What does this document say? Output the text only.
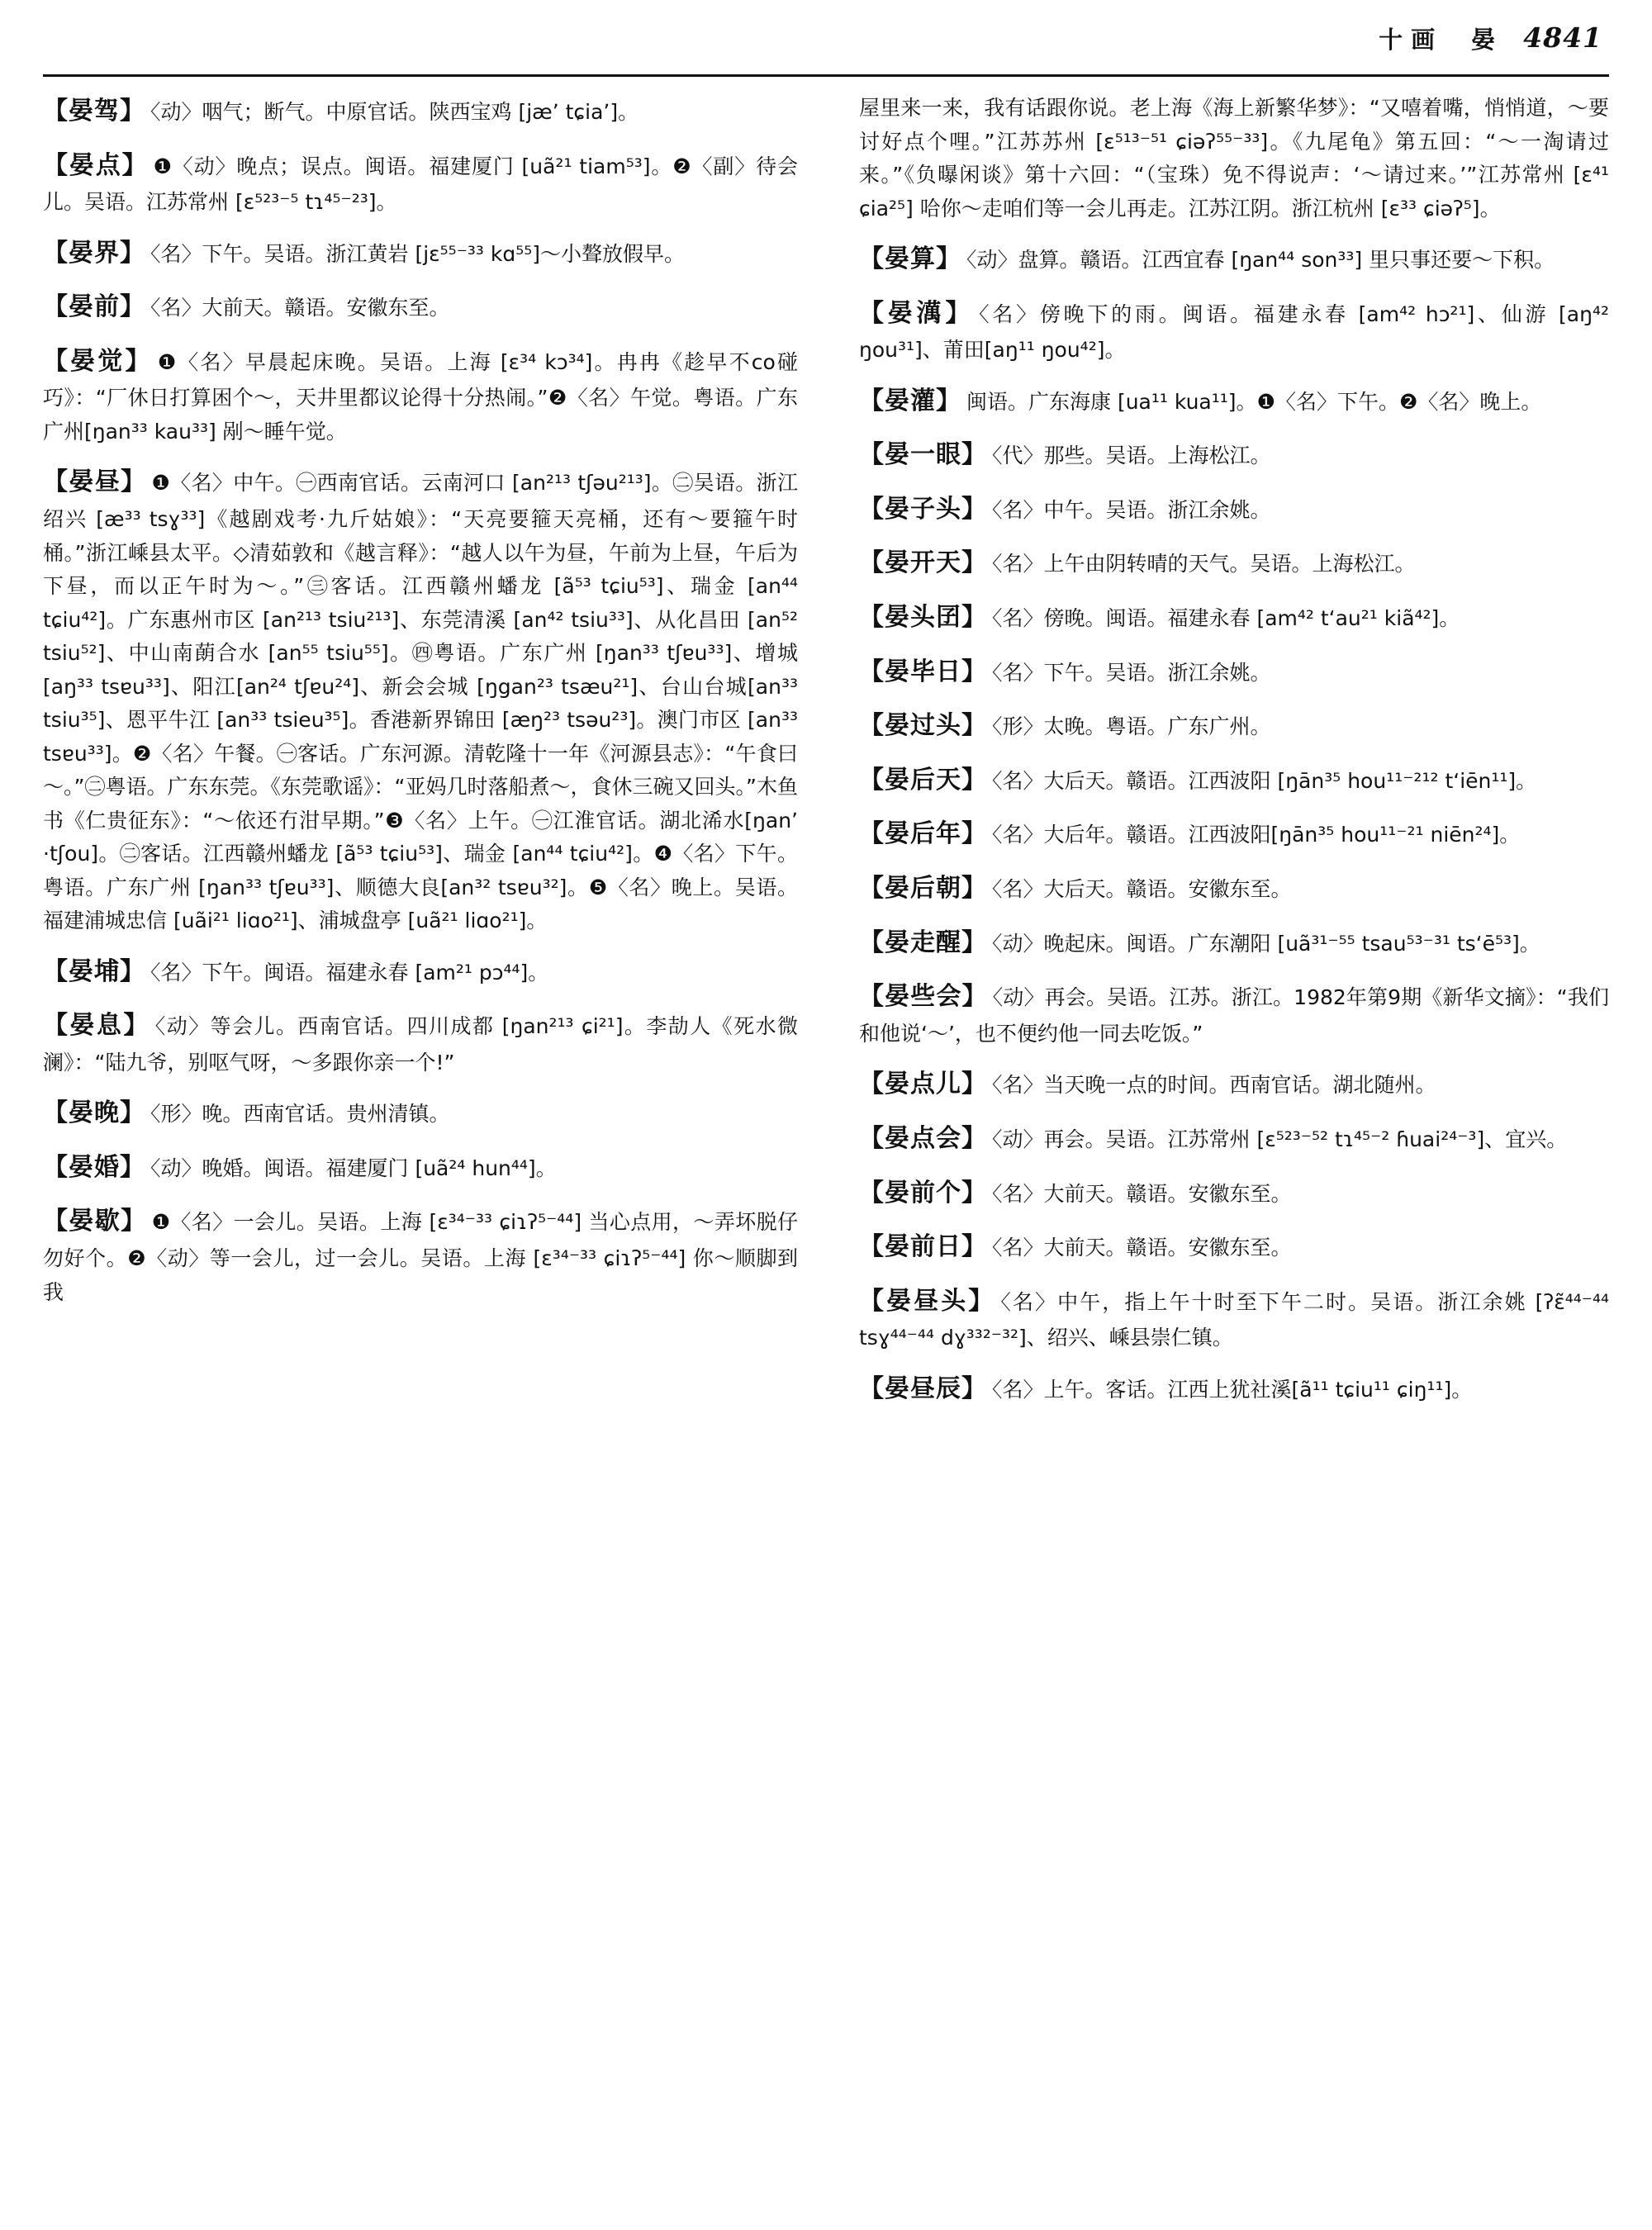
十画 晏 4841
【晏驾】 〈动〉咽气；断气。中原官话。陕西宝鸡 [jæʼ tɕiaʼ]。
【晏点】 ❶〈动〉晚点；误点。闽语。福建厦门 [uã²¹ tiam⁵³]。❷〈副〉待会儿。吴语。江苏常州 [ɛ⁵²³⁻⁵ tɿ⁴⁵⁻²³]。
【晏界】 〈名〉下午。吴语。浙江黄岩 [jɛ⁵⁵⁻³³ kɑ⁵⁵]～小聱放假早。
【晏前】 〈名〉大前天。赣语。安徽东至。
【晏觉】 ❶〈名〉早晨起床晚。吴语。上海 [ɛ³⁴ kɔ³⁴]。冉冉《趁早不со碰巧》：“厂休日打算困个～，天井里都议论得十分热闹。”❷〈名〉午觉。粤语。广东广州[ŋan³³ kau³³] 剐～睡午觉。
【晏昼】 ❶〈名〉中午。㊀西南官话。云南河口 [an²¹³ tʃəu²¹³]。㊁吴语。浙江绍兴 [æ³³ tsɣ³³]《越剧戏考·九斤姑娘》：“天亮要箍天亮桶，还有～要箍午时桶。”浙江嵊县太平。◇清茹敦和《越言释》：“越人以午为昼，午前为上昼，午后为下昼，而以正午时为～。”㊂客话。江西赣州蟠龙 [ã⁵³ tɕiu⁵³]、瑞金 [an⁴⁴ tɕiu⁴²]。广东惠州市区 [an²¹³ tsiu²¹³]、东莞清溪 [an⁴² tsiu³³]、从化昌田 [an⁵² tsiu⁵²]、中山南蓢合水 [an⁵⁵ tsiu⁵⁵]。㊃粤语。广东广州 [ŋan³³ tʃɐu³³]、增城[aŋ³³ tsɐu³³]、阳江[an²⁴ tʃɐu²⁴]、新会会城 [ŋgan²³ tsæu²¹]、台山台城[an³³ tsiu³⁵]、恩平牛江 [an³³ tsieu³⁵]。香港新界锦田 [æŋ²³ tsəu²³]。澳门市区 [an³³ tsɐu³³]。❷〈名〉午餐。㊀客话。广东河源。清乾隆十一年《河源县志》：“午食曰～。”㊁粤语。广东东莞。《东莞歌谣》：“亚妈几时落船煮～，食休三碗又回头。”木鱼书《仁贵征东》：“～依还冇泔早期。”❸〈名〉上午。㊀江淮官话。湖北浠水[ŋanʼ ·tʃou]。㊁客话。江西赣州蟠龙 [ã⁵³ tɕiu⁵³]、瑞金 [an⁴⁴ tɕiu⁴²]。❹〈名〉下午。粤语。广东广州 [ŋan³³ tʃɐu³³]、顺德大良[an³² tsɐu³²]。❺〈名〉晚上。吴语。福建浦城忠信 [uãi²¹ liɑo²¹]、浦城盘亭 [uã²¹ liɑo²¹]。
【晏埔】 〈名〉下午。闽语。福建永春 [am²¹ pɔ⁴⁴]。
【晏息】 〈动〉等会儿。西南官话。四川成都 [ŋan²¹³ ɕi²¹]。李劼人《死水微澜》：“陆九爷，别呕气呀，～多跟你亲一个!”
【晏晚】 〈形〉晚。西南官话。贵州清镇。
【晏婚】 〈动〉晚婚。闽语。福建厦门 [uã²⁴ hun⁴⁴]。
【晏歇】 ❶〈名〉一会儿。吴语。上海 [ɛ³⁴⁻³³ ɕiɿʔ⁵⁻⁴⁴] 当心点用，～弄坏脱仔勿好个。❷〈动〉等一会儿，过一会儿。吴语。上海 [ɛ³⁴⁻³³ ɕiɿʔ⁵⁻⁴⁴] 你～顺脚到我
屋里来一来，我有话跟你说。老上海《海上新繁华梦》：“又嘻着嘴，悄悄道，～要讨好点个哩。”江苏苏州 [ɛ⁵¹³⁻⁵¹ ɕiəʔ⁵⁵⁻³³]。《九尾龟》第五回：“～一淘请过来。”《负曝闲谈》第十六回：“（宝珠）免不得说声：‘～请过来。’”江苏常州 [ɛ⁴¹ ɕia²⁵] 哈你～走咱们等一会儿再走。江苏江阴。浙江杭州 [ɛ³³ ɕiəʔ⁵]。
【晏算】 〈动〉盘算。赣语。江西宜春 [ŋan⁴⁴ son³³] 里只事还要～下积。
【晏澫】 〈名〉傍晚下的雨。闽语。福建永春 [am⁴² hɔ²¹]、仙游 [aŋ⁴² ŋou³¹]、莆田[aŋ¹¹ ŋou⁴²]。
【晏灌】 闽语。广东海康 [ua¹¹ kua¹¹]。❶〈名〉下午。❷〈名〉晚上。
【晏一眼】 〈代〉那些。吴语。上海松江。
【晏子头】 〈名〉中午。吴语。浙江余姚。
【晏开天】 〈名〉上午由阴转晴的天气。吴语。上海松江。
【晏头囝】 〈名〉傍晚。闽语。福建永春 [am⁴² t‘au²¹ kiã⁴²]。
【晏毕日】 〈名〉下午。吴语。浙江余姚。
【晏过头】 〈形〉太晚。粤语。广东广州。
【晏后天】 〈名〉大后天。赣语。江西波阳 [ŋān³⁵ hou¹¹⁻²¹² t‘iēn¹¹]。
【晏后年】 〈名〉大后年。赣语。江西波阳[ŋān³⁵ hou¹¹⁻²¹ niēn²⁴]。
【晏后朝】 〈名〉大后天。赣语。安徽东至。
【晏走醒】 〈动〉晚起床。闽语。广东潮阳 [uã³¹⁻⁵⁵ tsau⁵³⁻³¹ ts‘ē⁵³]。
【晏些会】 〈动〉再会。吴语。江苏。浙江。1982年第9期《新华文摘》：“我们和他说‘～’，也不便约他一同去吃饭。”
【晏点儿】 〈名〉当天晚一点的时间。西南官话。湖北随州。
【晏点会】 〈动〉再会。吴语。江苏常州 [ɛ⁵²³⁻⁵² tɿ⁴⁵⁻² ɦuai²⁴⁻³]、宜兴。
【晏前个】 〈名〉大前天。赣语。安徽东至。
【晏前日】 〈名〉大前天。赣语。安徽东至。
【晏昼头】 〈名〉中午，指上午十时至下午二时。吴语。浙江余姚 [ʔɛ̃⁴⁴⁻⁴⁴ tsɣ⁴⁴⁻⁴⁴ dɣ³³²⁻³²]、绍兴、嵊县崇仁镇。
【晏昼辰】 〈名〉上午。客话。江西上犹社溪[ã¹¹ tɕiu¹¹ ɕiŋ¹¹]。
